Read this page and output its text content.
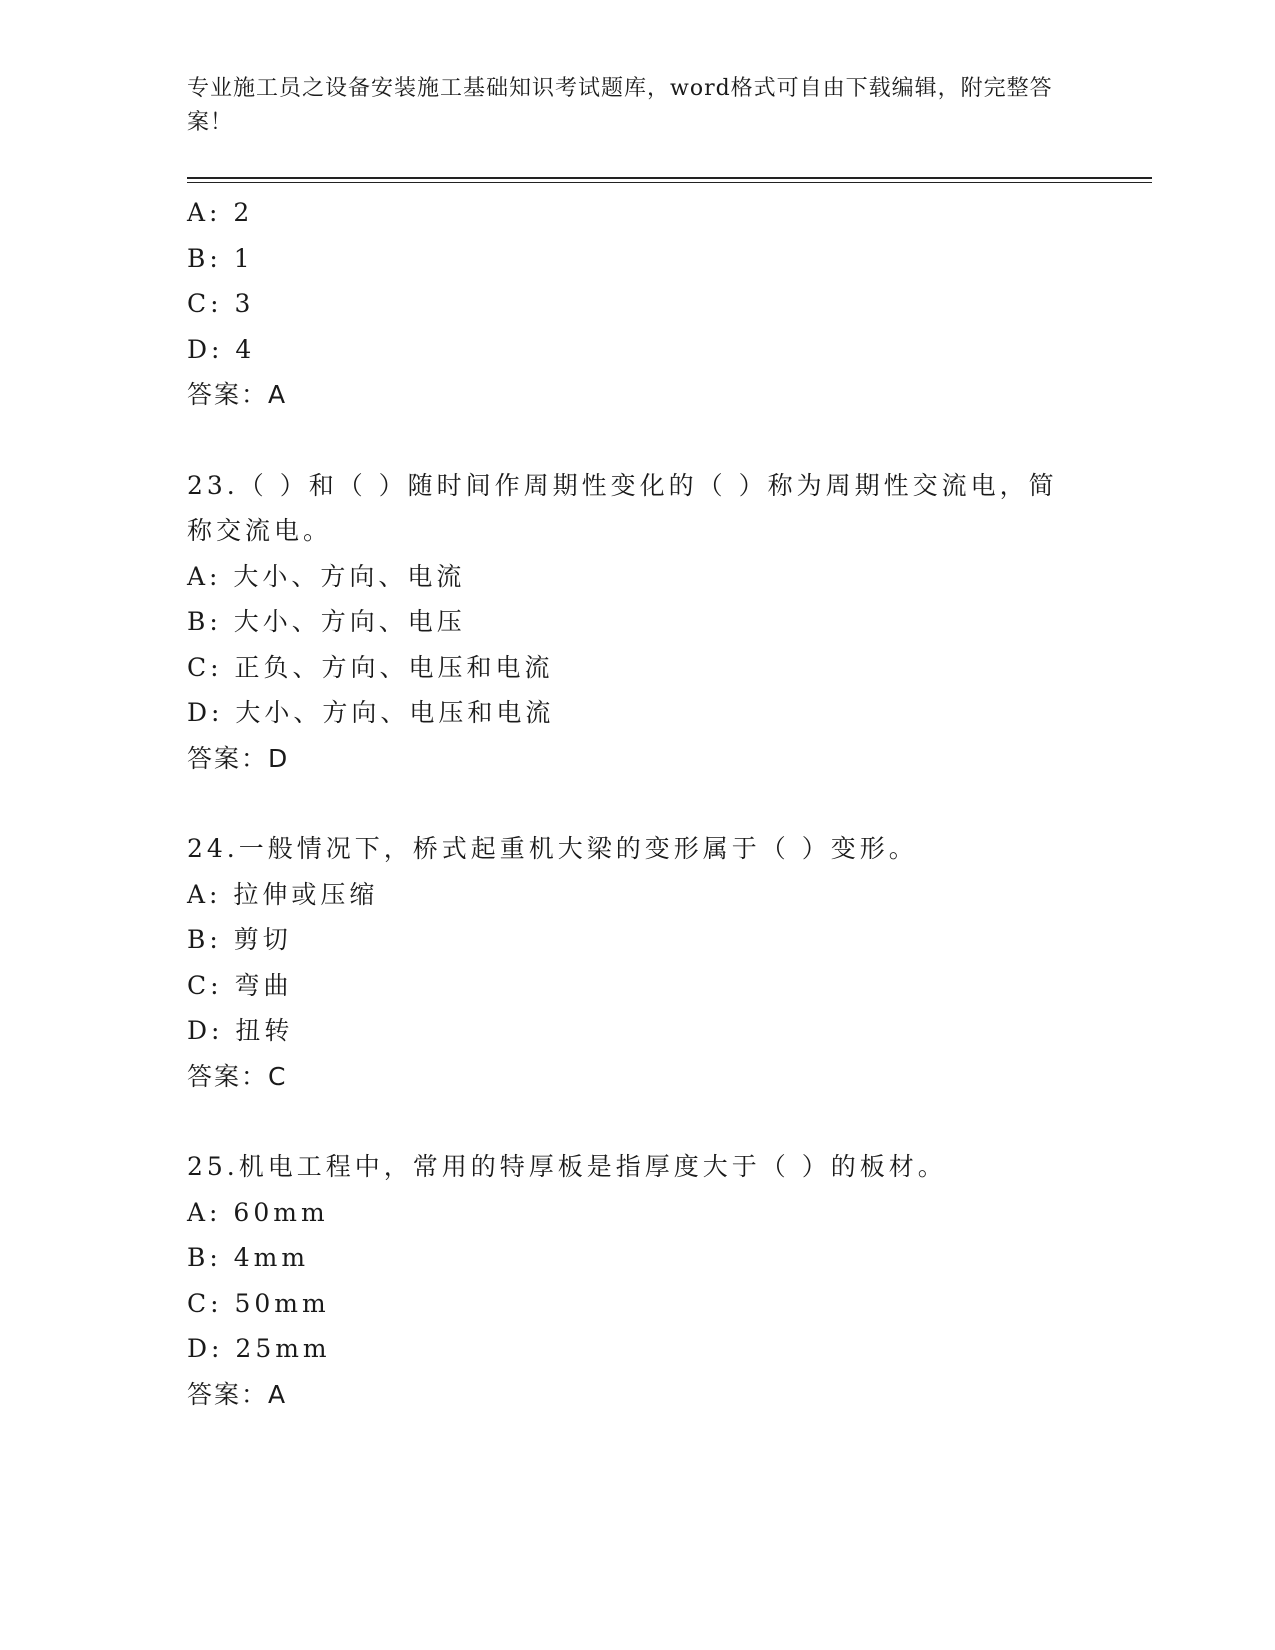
专业施工员之设备安装施工基础知识考试题库，word格式可自由下载编辑，附完整答案！
A: 2
B: 1
C: 3
D: 4
答案：A
23.（ ）和（ ）随时间作周期性变化的（ ）称为周期性交流电，简称交流电。
A: 大小、方向、电流
B: 大小、方向、电压
C: 正负、方向、电压和电流
D: 大小、方向、电压和电流
答案：D
24.一般情况下，桥式起重机大梁的变形属于（ ）变形。
A: 拉伸或压缩
B: 剪切
C: 弯曲
D: 扭转
答案：C
25.机电工程中，常用的特厚板是指厚度大于（ ）的板材。
A: 60mm
B: 4mm
C: 50mm
D: 25mm
答案：A
